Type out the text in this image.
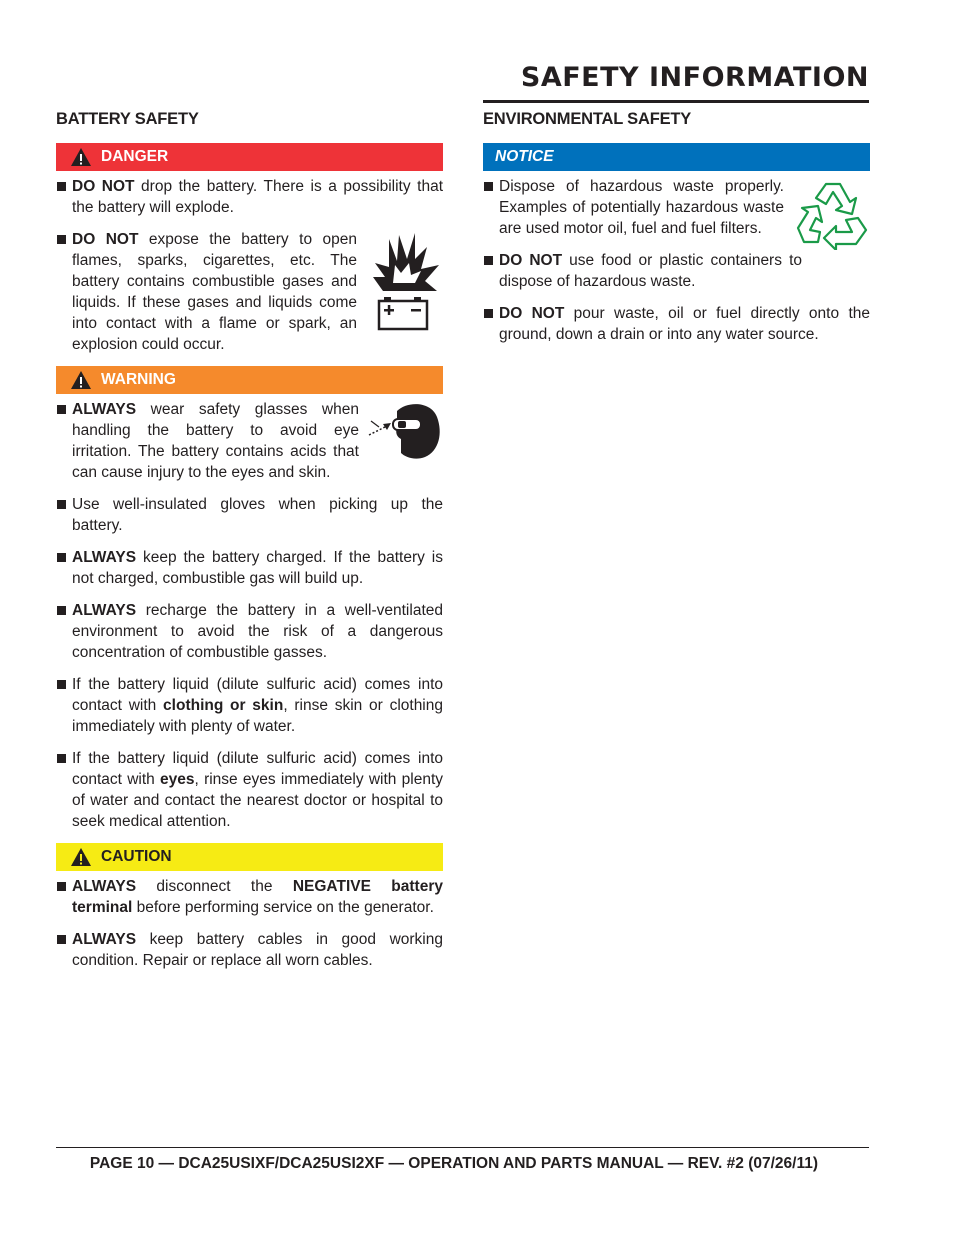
SAFETY INFORMATION
BATTERY SAFETY
DANGER
DO NOT drop the battery. There is a possibility that the battery will explode.
DO NOT expose the battery to open flames, sparks, cigarettes, etc. The battery contains combustible gases and liquids. If these gases and liquids come into contact with a flame or spark, an explosion could occur.
WARNING
ALWAYS wear safety glasses when handling the battery to avoid eye irritation. The battery contains acids that can cause injury to the eyes and skin.
Use well-insulated gloves when picking up the battery.
ALWAYS keep the battery charged. If the battery is not charged, combustible gas will build up.
ALWAYS recharge the battery in a well-ventilated environment to avoid the risk of a dangerous concentration of combustible gasses.
If the battery liquid (dilute sulfuric acid) comes into contact with clothing or skin, rinse skin or clothing immediately with plenty of water.
If the battery liquid (dilute sulfuric acid) comes into contact with eyes, rinse eyes immediately with plenty of water and contact the nearest doctor or hospital to seek medical attention.
CAUTION
ALWAYS disconnect the NEGATIVE battery terminal before performing service on the generator.
ALWAYS keep battery cables in good working condition. Repair or replace all worn cables.
ENVIRONMENTAL SAFETY
NOTICE
Dispose of hazardous waste properly. Examples of potentially hazardous waste are used motor oil, fuel and fuel filters.
DO NOT use food or plastic containers to dispose of hazardous waste.
DO NOT pour waste, oil or fuel directly onto the ground, down a drain or into any water source.
PAGE 10 — DCA25USIXF/DCA25USI2XF — OPERATION AND PARTS MANUAL — REV. #2 (07/26/11)
